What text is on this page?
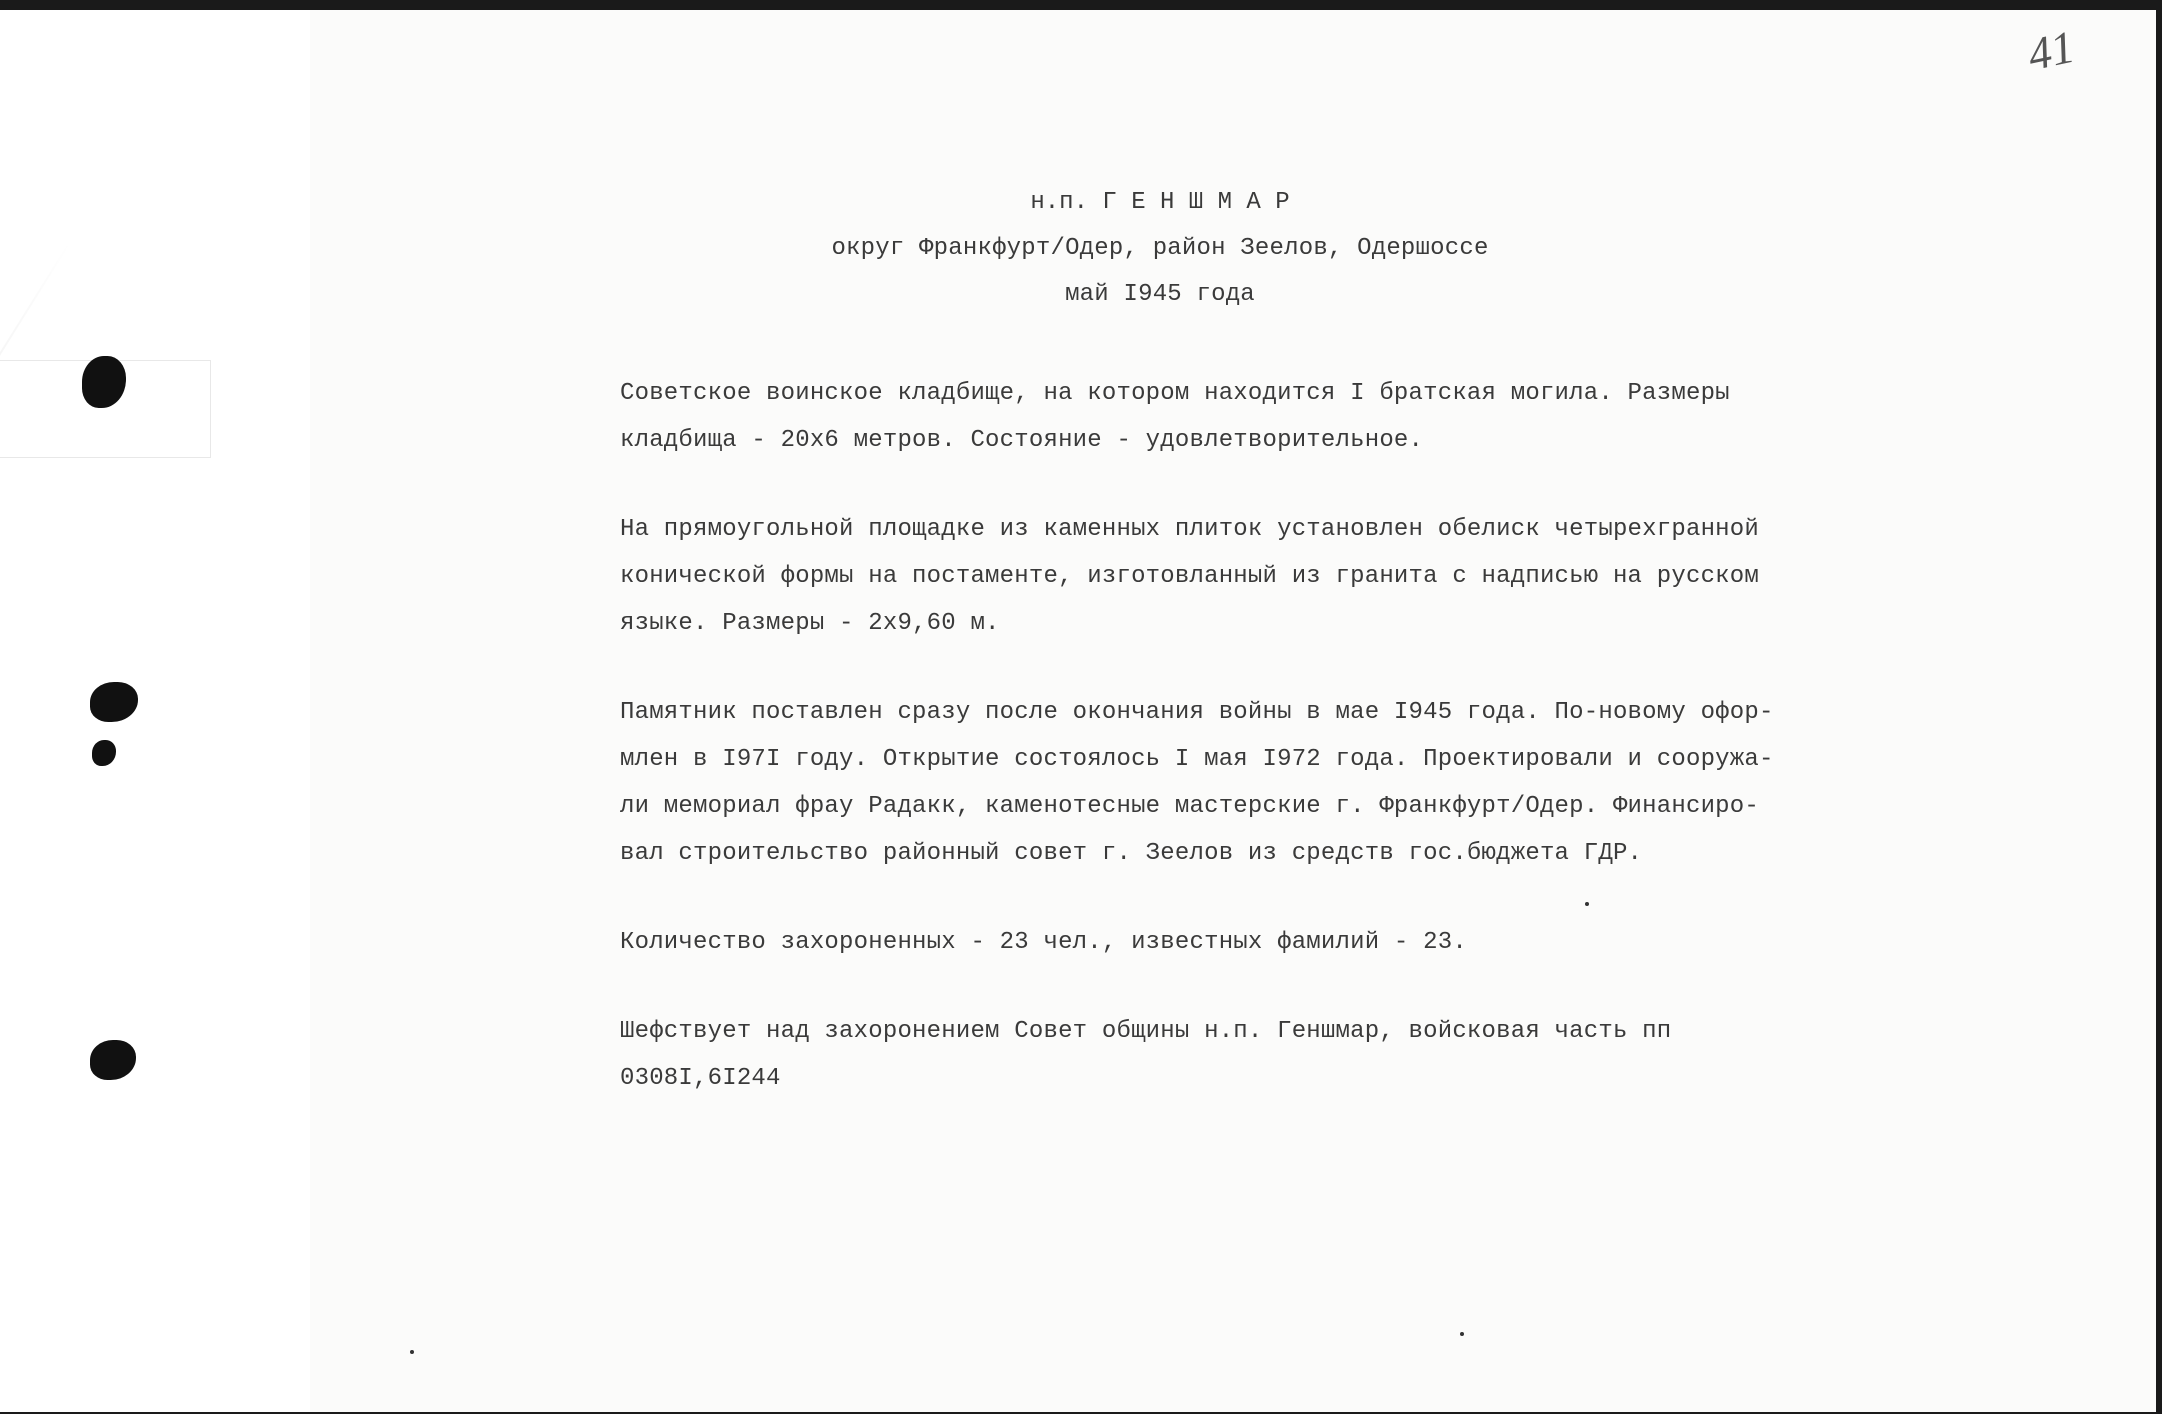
41
н.п. Г Е Н Ш М А Р
округ Франкфурт/Одер, район Зеелов, Одершоссе
май I945 года
Советское воинское кладбище, на котором находится I братская могила. Размеры
кладбища - 20х6 метров. Состояние - удовлетворительное.
На прямоугольной площадке из каменных плиток установлен обелиск четырехгранной
конической формы на постаменте, изготовланный из гранита с надписью на русском
языке. Размеры - 2х9,60 м.
Памятник поставлен сразу после окончания войны в мае I945 года. По-новому офор-
млен в I97I году. Открытие состоялось I мая I972 года. Проектировали и сооружа-
ли мемориал фрау Радакк, каменотесные мастерские г. Франкфурт/Одер. Финансиро-
вал строительство районный совет г. Зеелов из средств гос.бюджета ГДР.
Количество захороненных - 23 чел., известных фамилий - 23.
Шефствует над захоронением Совет общины н.п. Геншмар, войсковая часть пп 0308I,6I244
